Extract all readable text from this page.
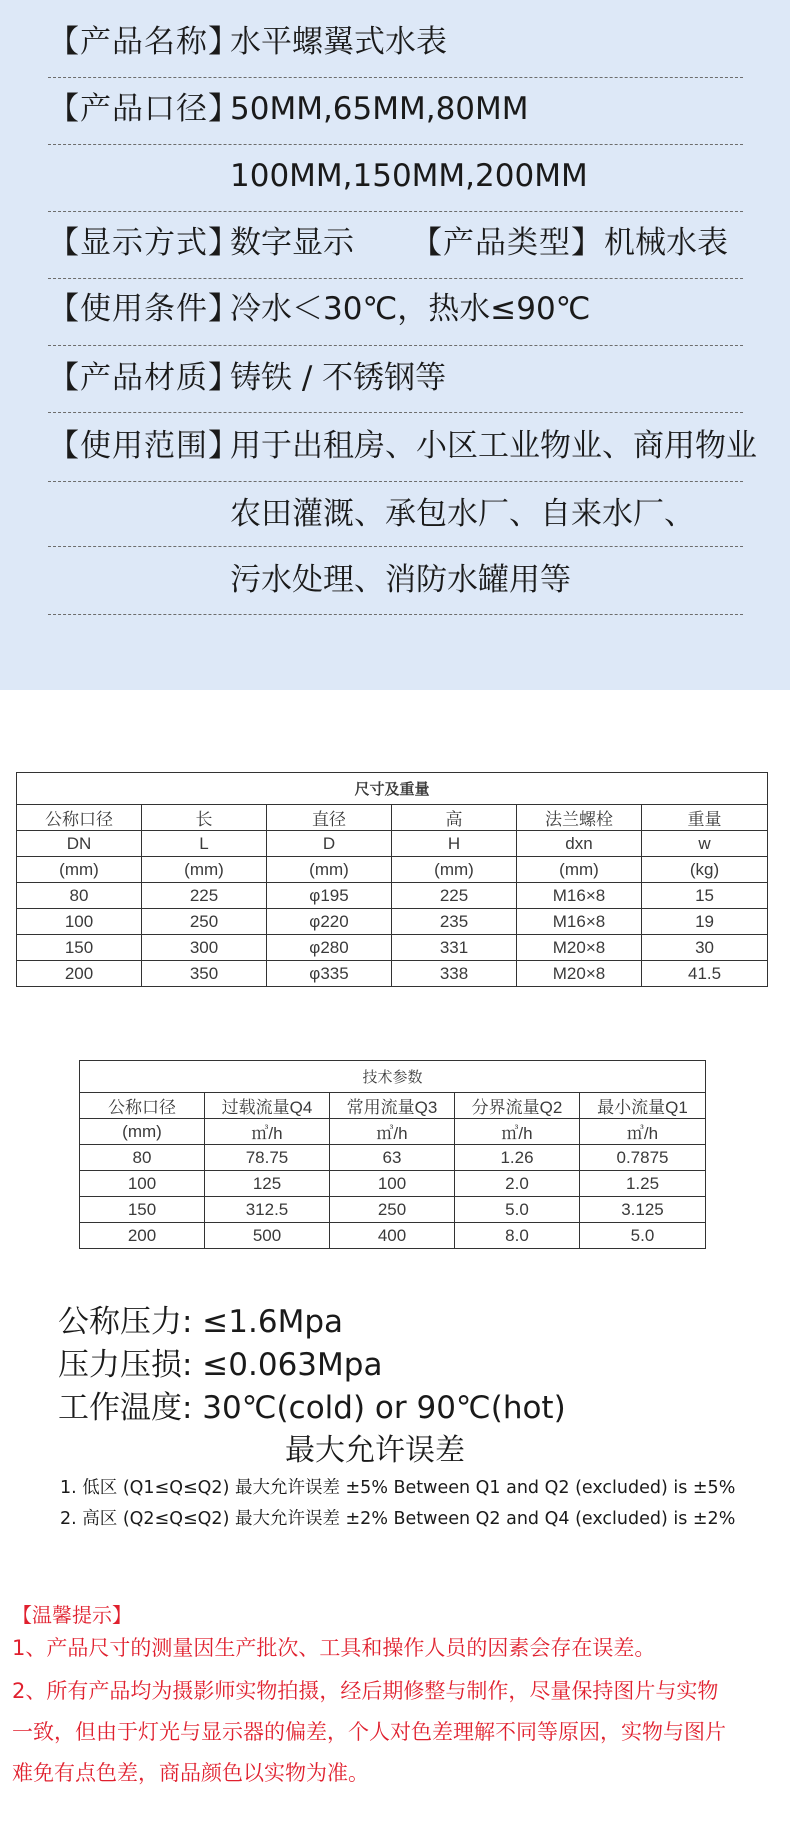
【产品名称】
水平螺翼式水表
【产品口径】
50MM,65MM,80MM
100MM,150MM,200MM
【显示方式】
数字显示 【产品类型】 机械水表
【使用条件】
冷水＜30℃，热水≤90℃
【产品材质】
铸铁 / 不锈钢等
【使用范围】
用于出租房、小区工业物业、商用物业
农田灌溉、承包水厂、自来水厂、
污水处理、消防水罐用等
尺寸及重量					
公称口径	长	直径	高	法兰螺栓	重量
DN	L	D	H	dxn	w
(mm)	(mm)	(mm)	(mm)	(mm)	(kg)
80	225	φ195	225	M16×8	15
100	250	φ220	235	M16×8	19
150	300	φ280	331	M20×8	30
200	350	φ335	338	M20×8	41.5
技术参数				
公称口径	过载流量Q4	常用流量Q3	分界流量Q2	最小流量Q1
(mm)	㎥/h	㎥/h	㎥/h	㎥/h
80	78.75	63	1.26	0.7875
100	125	100	2.0	1.25
150	312.5	250	5.0	3.125
200	500	400	8.0	5.0
公称压力: ≤1.6Mpa
压力压损: ≤0.063Mpa
工作温度: 30℃(cold) or 90℃(hot)
最大允许误差
1. 低区 (Q1≤Q≤Q2) 最大允许误差 ±5% Between Q1 and Q2 (excluded) is ±5%
2. 高区 (Q2≤Q≤Q2) 最大允许误差 ±2% Between Q2 and Q4 (excluded) is ±2%
【温馨提示】
1、产品尺寸的测量因生产批次、工具和操作人员的因素会存在误差。
2、所有产品均为摄影师实物拍摄，经后期修整与制作，尽量保持图片与实物
一致，但由于灯光与显示器的偏差，个人对色差理解不同等原因，实物与图片
难免有点色差，商品颜色以实物为准。
